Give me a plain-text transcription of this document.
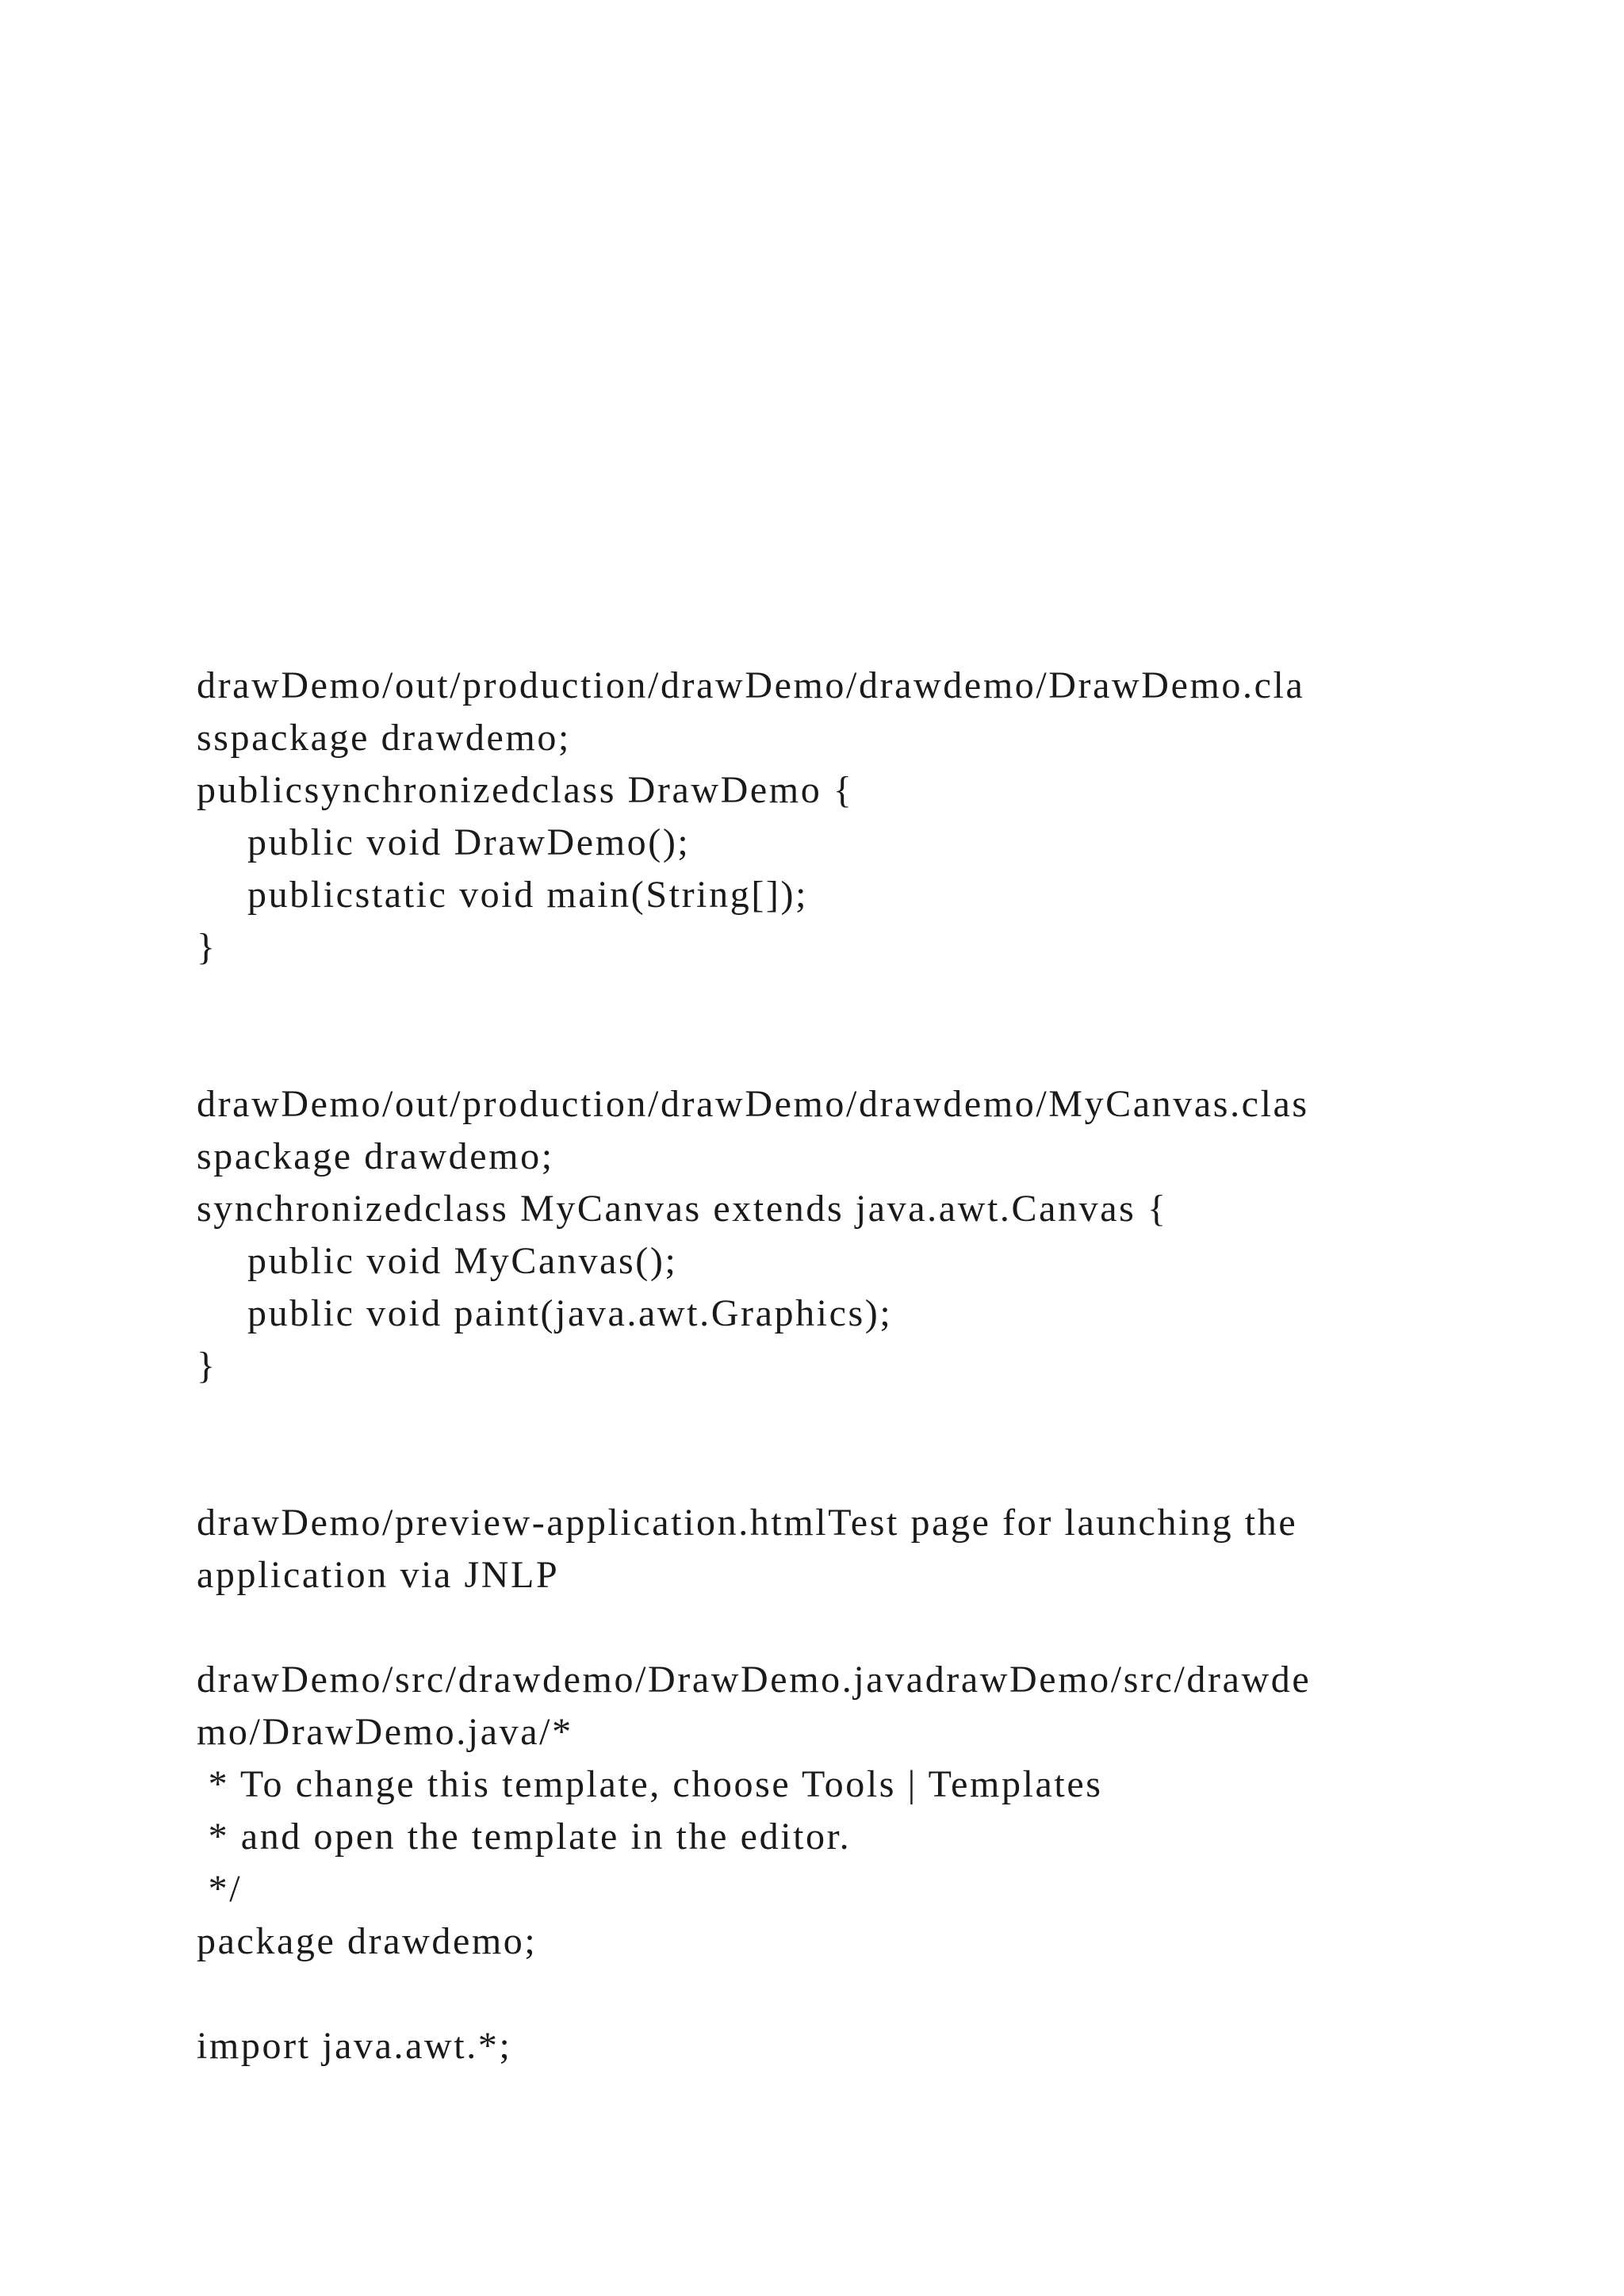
drawDemo/out/production/drawDemo/drawdemo/DrawDemo.cla
sspackage drawdemo;
publicsynchronizedclass DrawDemo {
public void DrawDemo();
publicstatic void main(String[]);
}
drawDemo/out/production/drawDemo/drawdemo/MyCanvas.clas
spackage drawdemo;
synchronizedclass MyCanvas extends java.awt.Canvas {
public void MyCanvas();
public void paint(java.awt.Graphics);
}
drawDemo/preview-application.htmlTest page for launching the
application via JNLP
drawDemo/src/drawdemo/DrawDemo.javadrawDemo/src/drawde
mo/DrawDemo.java/*
* To change this template, choose Tools | Templates
* and open the template in the editor.
*/
package drawdemo;
import java.awt.*;
